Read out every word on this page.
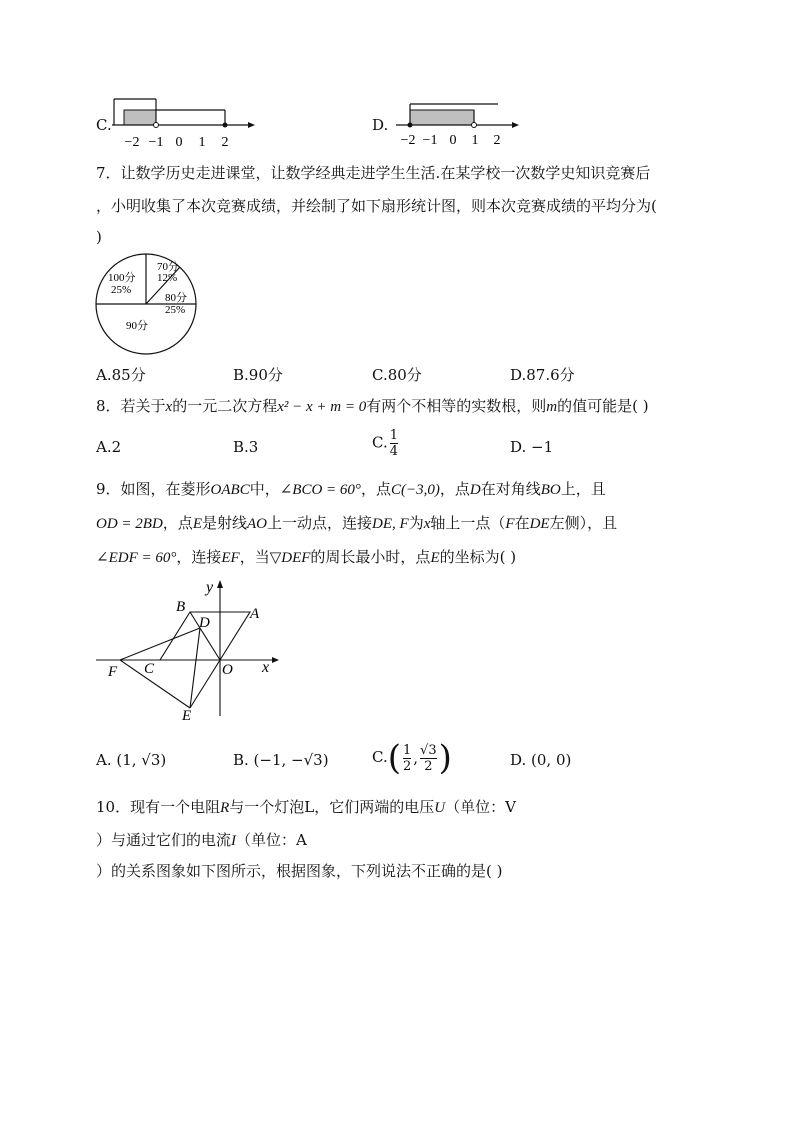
C.
−2 −1 0 1 2
D.
−2 −1 0 1 2
7．让数学历史走进课堂，让数学经典走进学生生活.在某学校一次数学史知识竞赛后
，小明收集了本次竞赛成绩，并绘制了如下扇形统计图，则本次竞赛成绩的平均分为(
)
70分
12%
80分
25%
90分
100分
25%
A.85分	B.90分	C.80分	D.87.6分
8．若关于x的一元二次方程x² − x + m = 0有两个不相等的实数根，则m的值可能是( )
A.2	B.3	C. $\frac{1}{4}$	D. −1
9．如图，在菱形OABC中，∠BCO = 60°，点C(−3,0)，点D在对角线BO上，且
OD = 2BD，点E是射线AO上一动点，连接DE, F为x轴上一点（F在DE左侧），且
∠EDF = 60°，连接EF，当▽DEF的周长最小时，点E的坐标为( )
y
x
A
B
C
D
E
F	O
A. (1, √3)	B. (−1, −√3)	$C.( \frac{1}{2}$ , $\frac{√3}{2}$ )	D. (0, 0)
10．现有一个电阻R与一个灯泡L，它们两端的电压U（单位：V
）与通过它们的电流I（单位：A
）的关系图象如下图所示，根据图象，下列说法不正确的是( )
